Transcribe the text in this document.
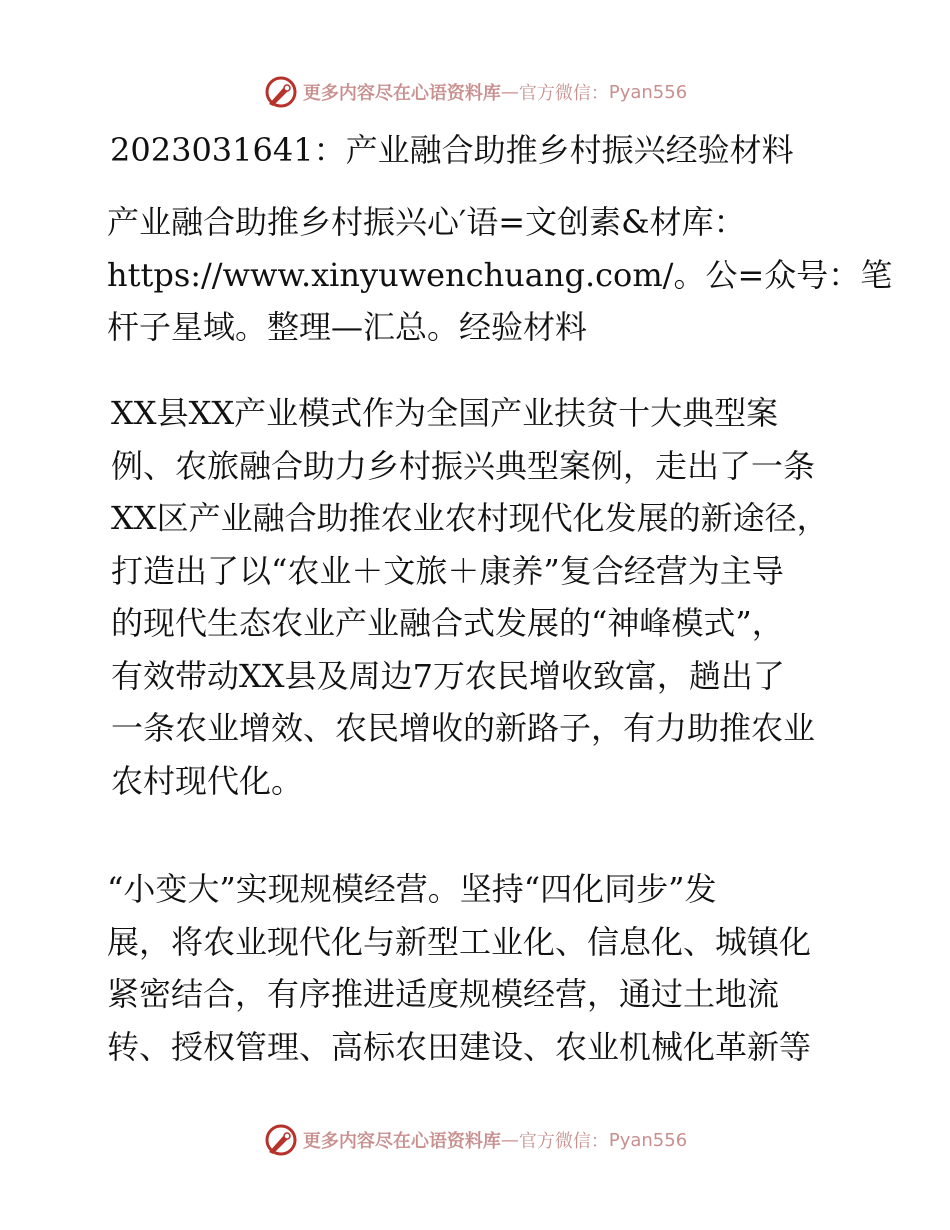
更多内容尽在心语资料库 — 官方微信： Pyan556
2023031641：产业融合助推乡村振兴经验材料
产业融合助推乡村振兴心′语=文创素&材库：
https://www.xinyuwenchuang.com/。公=众号：笔
杆子星域。整理—汇总。经验材料
XX县XX产业模式作为全国产业扶贫十大典型案
例、农旅融合助力乡村振兴典型案例，走出了一条
XX区产业融合助推农业农村现代化发展的新途径，
打造出了以“农业＋文旅＋康养”复合经营为主导
的现代生态农业产业融合式发展的“神峰模式”，
有效带动XX县及周边7万农民增收致富，趟出了
一条农业增效、农民增收的新路子，有力助推农业
农村现代化。
“小变大”实现规模经营。坚持“四化同步”发
展，将农业现代化与新型工业化、信息化、城镇化
紧密结合，有序推进适度规模经营，通过土地流
转、授权管理、高标农田建设、农业机械化革新等
更多内容尽在心语资料库 — 官方微信： Pyan556
